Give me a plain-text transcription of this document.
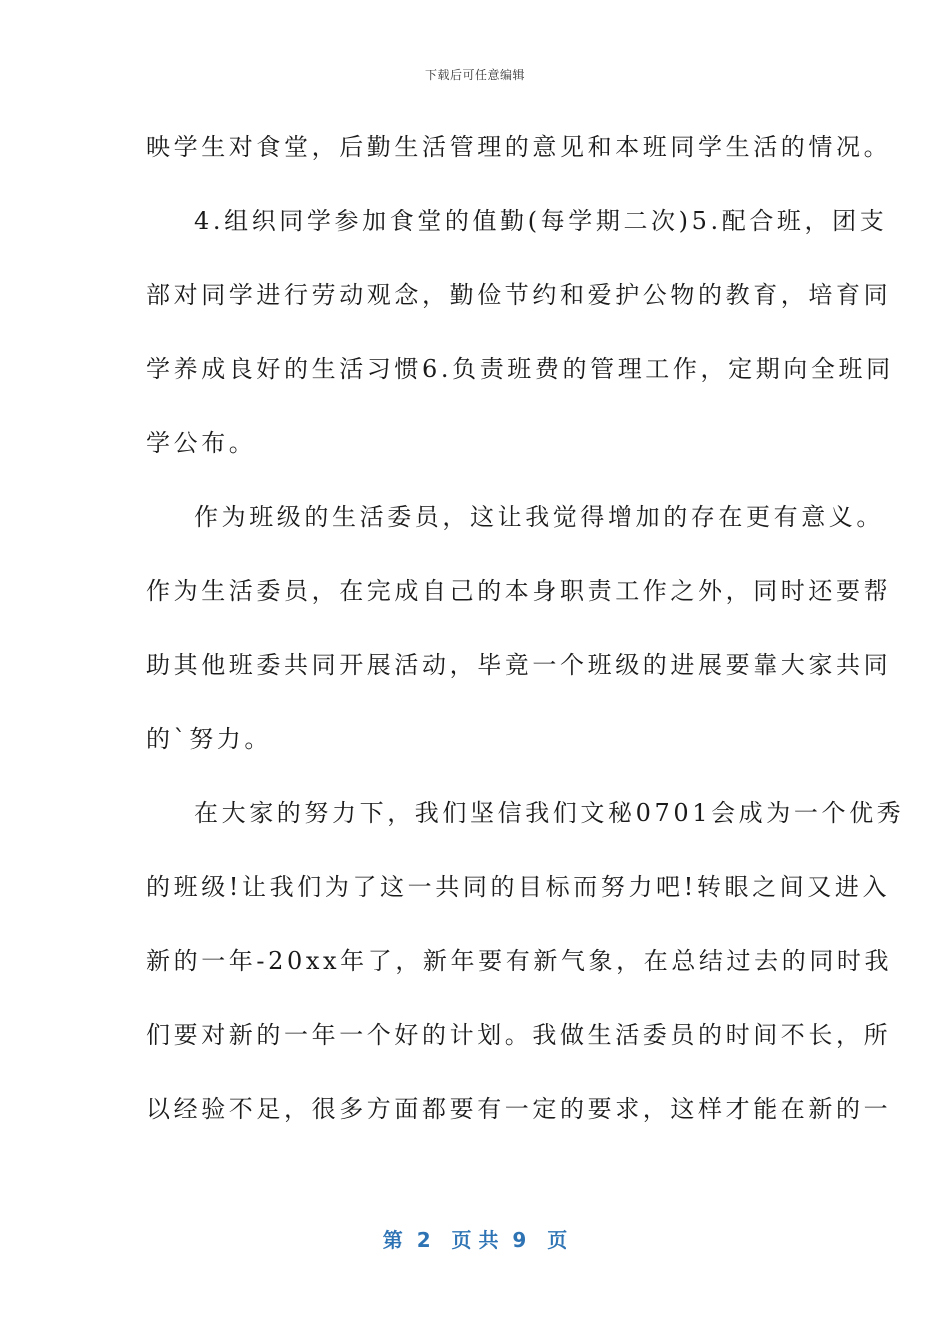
下载后可任意编辑
映学生对食堂，后勤生活管理的意见和本班同学生活的情况。
4.组织同学参加食堂的值勤(每学期二次)5.配合班，团支
部对同学进行劳动观念，勤俭节约和爱护公物的教育，培育同
学养成良好的生活习惯6.负责班费的管理工作，定期向全班同
学公布。
作为班级的生活委员，这让我觉得增加的存在更有意义。
作为生活委员，在完成自己的本身职责工作之外，同时还要帮
助其他班委共同开展活动，毕竟一个班级的进展要靠大家共同
的`努力。
在大家的努力下，我们坚信我们文秘0701会成为一个优秀
的班级!让我们为了这一共同的目标而努力吧!转眼之间又进入
新的一年-20xx年了，新年要有新气象，在总结过去的同时我
们要对新的一年一个好的计划。我做生活委员的时间不长，所
以经验不足，很多方面都要有一定的要求，这样才能在新的一
第  2   页 共  9   页
